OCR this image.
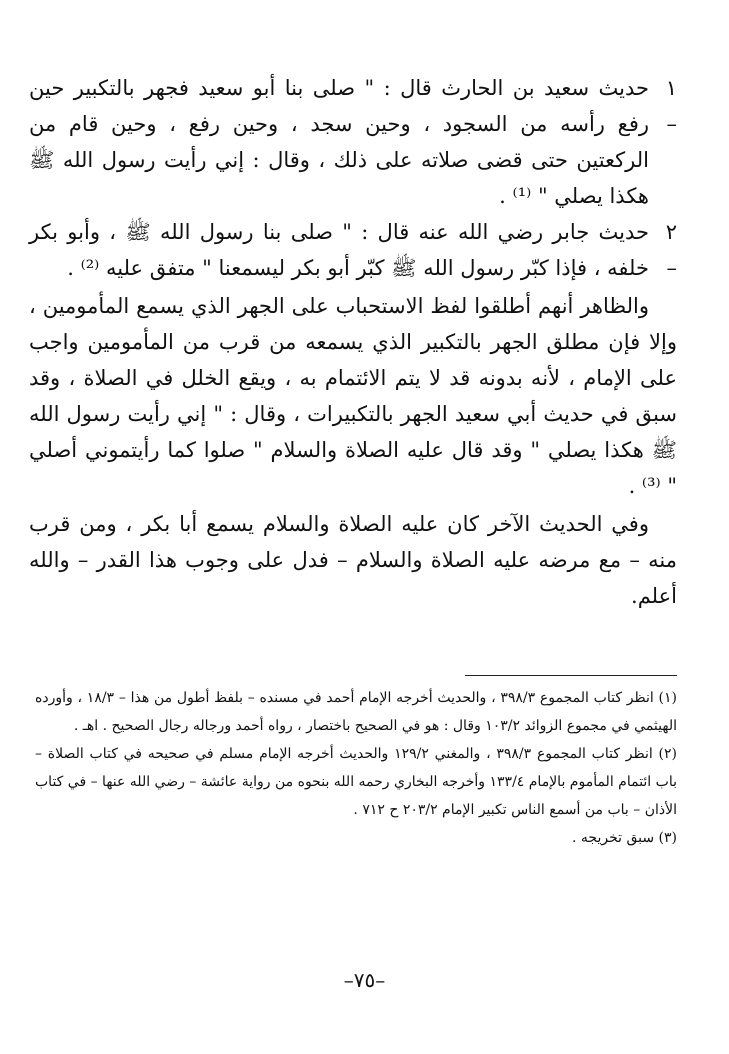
١ –
حديث سعيد بن الحارث قال : " صلى بنا أبو سعيد فجهر بالتكبير حين رفع رأسه من السجود ، وحين سجد ، وحين رفع ، وحين قام من الركعتين حتى قضى صلاته على ذلك ، وقال : إني رأيت رسول الله ﷺ هكذا يصلي " ⁽¹⁾ .
٢ –
حديث جابر رضي الله عنه قال : " صلى بنا رسول الله ﷺ ، وأبو بكر خلفه ، فإذا كبّر رسول الله ﷺ كبّر أبو بكر ليسمعنا " متفق عليه ⁽²⁾ .

والظاهر أنهم أطلقوا لفظ الاستحباب على الجهر الذي يسمع المأمومين ، وإلا فإن مطلق الجهر بالتكبير الذي يسمعه من قرب من المأمومين واجب على الإمام ، لأنه بدونه قد لا يتم الائتمام به ، ويقع الخلل في الصلاة ، وقد سبق في حديث أبي سعيد الجهر بالتكبيرات ، وقال : " إني رأيت رسول الله ﷺ هكذا يصلي " وقد قال عليه الصلاة والسلام " صلوا كما رأيتموني أصلي " ⁽³⁾ .

وفي الحديث الآخر كان عليه الصلاة والسلام يسمع أبا بكر ، ومن قرب منه – مع مرضه عليه الصلاة والسلام – فدل على وجوب هذا القدر – والله أعلم.

(١) انظر كتاب المجموع ٣٩٨/٣ ، والحديث أخرجه الإمام أحمد في مسنده – بلفظ أطول من هذا – ١٨/٣ ، وأورده الهيثمي في مجموع الزوائد ١٠٣/٢ وقال : هو في الصحيح باختصار ، رواه أحمد ورجاله رجال الصحيح . اهـ .

(٢) انظر كتاب المجموع ٣٩٨/٣ ، والمغني ١٢٩/٢ والحديث أخرجه الإمام مسلم في صحيحه في كتاب الصلاة – باب ائتمام المأموم بالإمام ١٣٣/٤ وأخرجه البخاري رحمه الله بنحوه من رواية عائشة – رضي الله عنها – في كتاب الأذان – باب من أسمع الناس تكبير الإمام ٢٠٣/٢ ح ٧١٢ .

(٣) سبق تخريجه .

–٧٥–
